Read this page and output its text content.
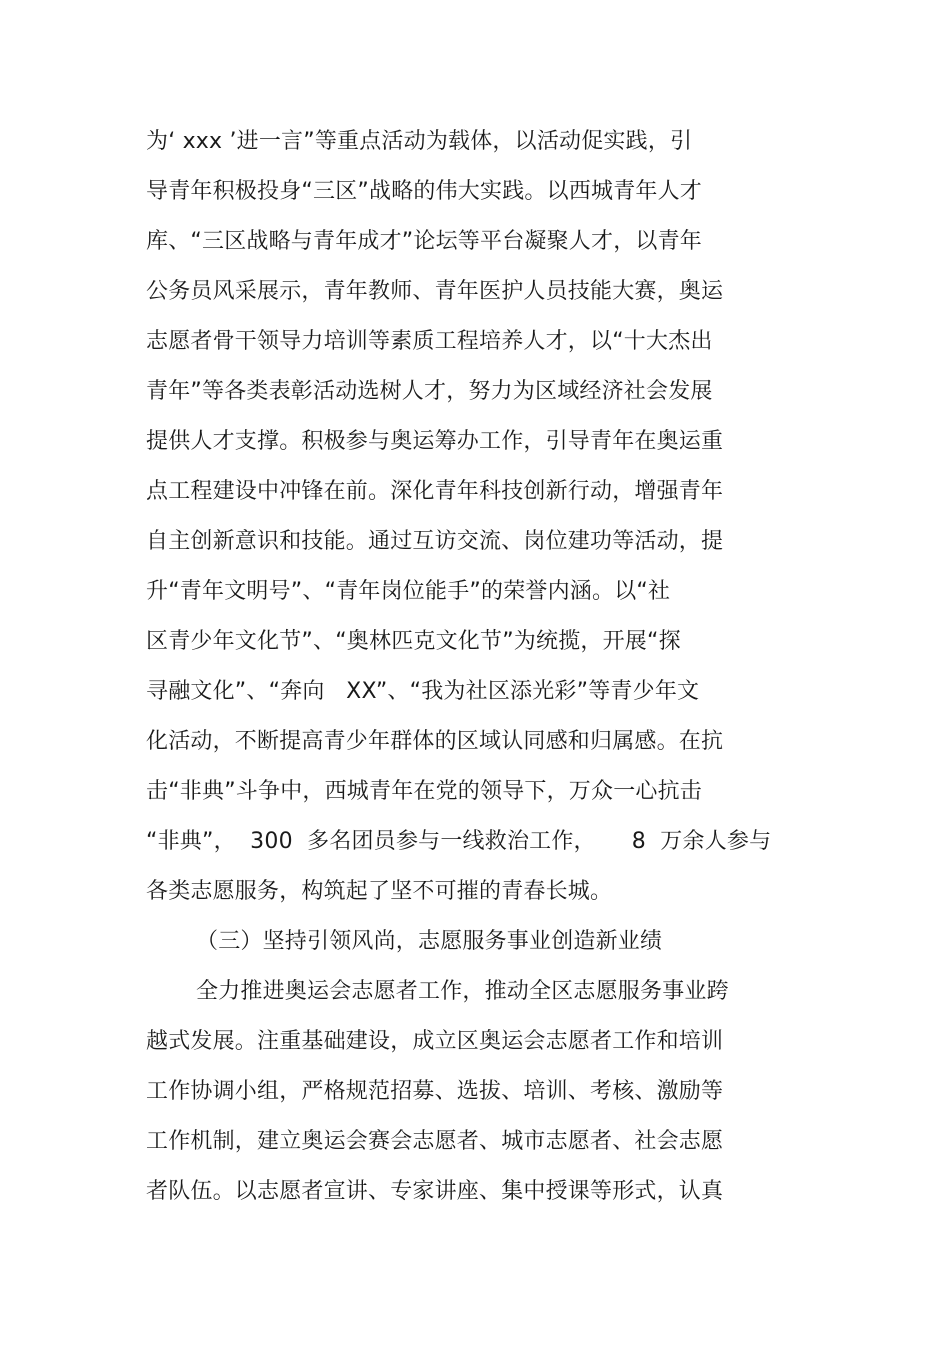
为‘ xxx ’进一言”等重点活动为载体，以活动促实践，引

导青年积极投身“三区”战略的伟大实践。以西城青年人才

库、“三区战略与青年成才”论坛等平台凝聚人才，以青年

公务员风采展示，青年教师、青年医护人员技能大赛，奥运

志愿者骨干领导力培训等素质工程培养人才，以“十大杰出

青年”等各类表彰活动选树人才，努力为区域经济社会发展

提供人才支撑。积极参与奥运筹办工作，引导青年在奥运重

点工程建设中冲锋在前。深化青年科技创新行动，增强青年

自主创新意识和技能。通过互访交流、岗位建功等活动，提

升“青年文明号”、“青年岗位能手”的荣誉内涵。以“社

区青少年文化节”、“奥林匹克文化节”为统揽，开展“探

寻融文化”、“奔向   XX”、“我为社区添光彩”等青少年文

化活动，不断提高青少年群体的区域认同感和归属感。在抗

击“非典”斗争中，西城青年在党的领导下，万众一心抗击

“非典”，  300  多名团员参与一线救治工作，     8  万余人参与

各类志愿服务，构筑起了坚不可摧的青春长城。

（三）坚持引领风尚，志愿服务事业创造新业绩

全力推进奥运会志愿者工作，推动全区志愿服务事业跨

越式发展。注重基础建设，成立区奥运会志愿者工作和培训

工作协调小组，严格规范招募、选拔、培训、考核、激励等

工作机制，建立奥运会赛会志愿者、城市志愿者、社会志愿

者队伍。以志愿者宣讲、专家讲座、集中授课等形式，认真
